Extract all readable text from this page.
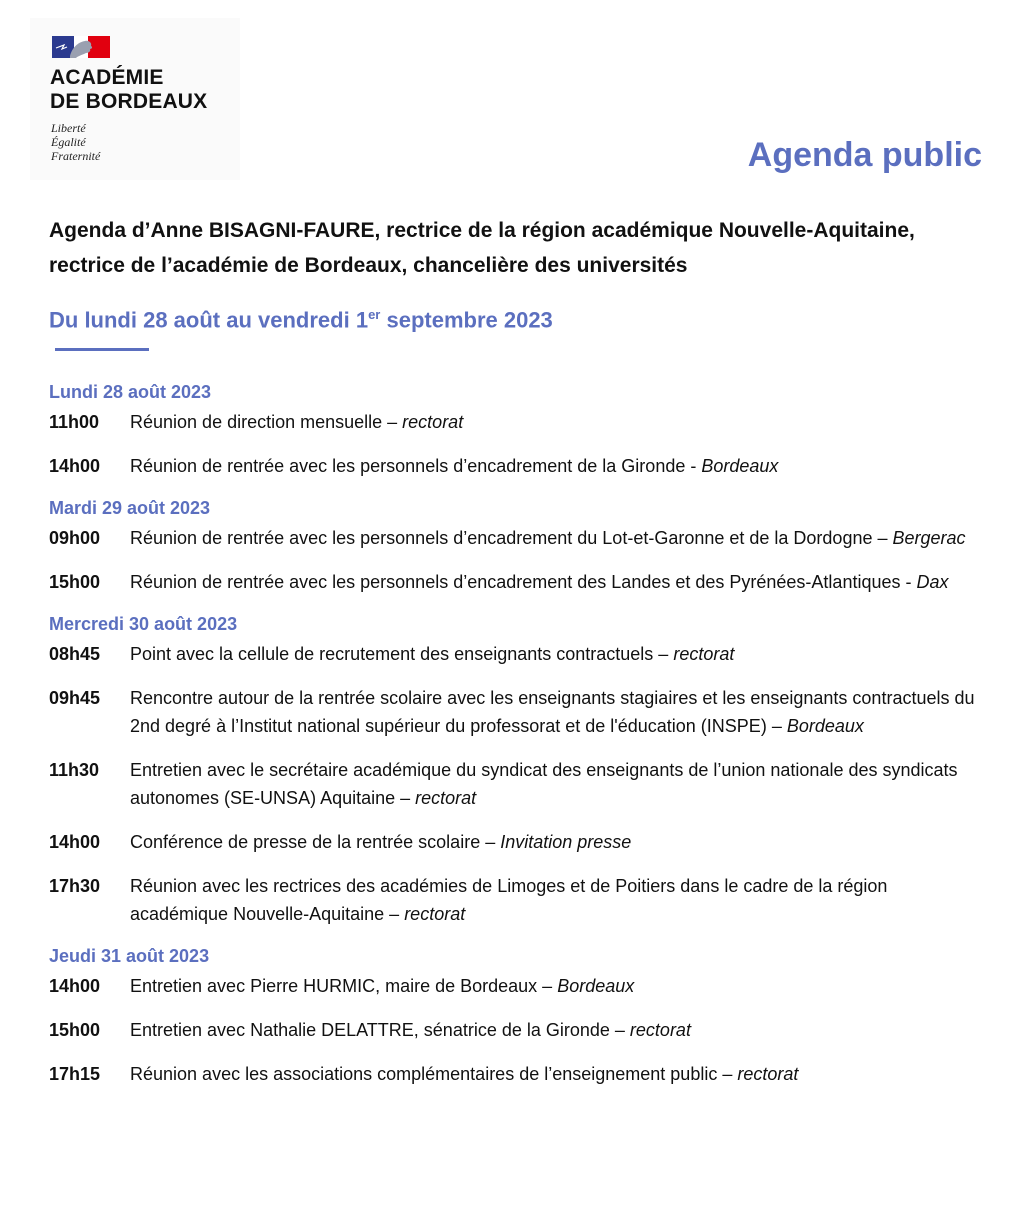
ACADÉMIE
DE BORDEAUX
Liberté
Égalité
Fraternité	Agenda public
Agenda d’Anne BISAGNI-FAURE, rectrice de la région académique Nouvelle-Aquitaine, rectrice de l’académie de Bordeaux, chancelière des universités
Du lundi 28 août au vendredi 1er septembre 2023
Lundi 28 août 2023
11h00	Réunion de direction mensuelle – rectorat
14h00	Réunion de rentrée avec les personnels d’encadrement de la Gironde - Bordeaux
Mardi 29 août 2023
09h00	Réunion de rentrée avec les personnels d’encadrement du Lot-et-Garonne et de la Dordogne – Bergerac
15h00	Réunion de rentrée avec les personnels d’encadrement des Landes et des Pyrénées-Atlantiques - Dax
Mercredi 30 août 2023
08h45	Point avec la cellule de recrutement des enseignants contractuels – rectorat
09h45	Rencontre autour de la rentrée scolaire avec les enseignants stagiaires et les enseignants contractuels du 2nd degré à l’Institut national supérieur du professorat et de l'éducation (INSPE) – Bordeaux
11h30	Entretien avec le secrétaire académique du syndicat des enseignants de l’union nationale des syndicats autonomes (SE-UNSA) Aquitaine – rectorat
14h00	Conférence de presse de la rentrée scolaire – Invitation presse
17h30	Réunion avec les rectrices des académies de Limoges et de Poitiers dans le cadre de la région académique Nouvelle-Aquitaine – rectorat
Jeudi 31 août 2023
14h00	Entretien avec Pierre HURMIC, maire de Bordeaux – Bordeaux
15h00	Entretien avec Nathalie DELATTRE, sénatrice de la Gironde – rectorat
17h15	Réunion avec les associations complémentaires de l’enseignement public – rectorat
